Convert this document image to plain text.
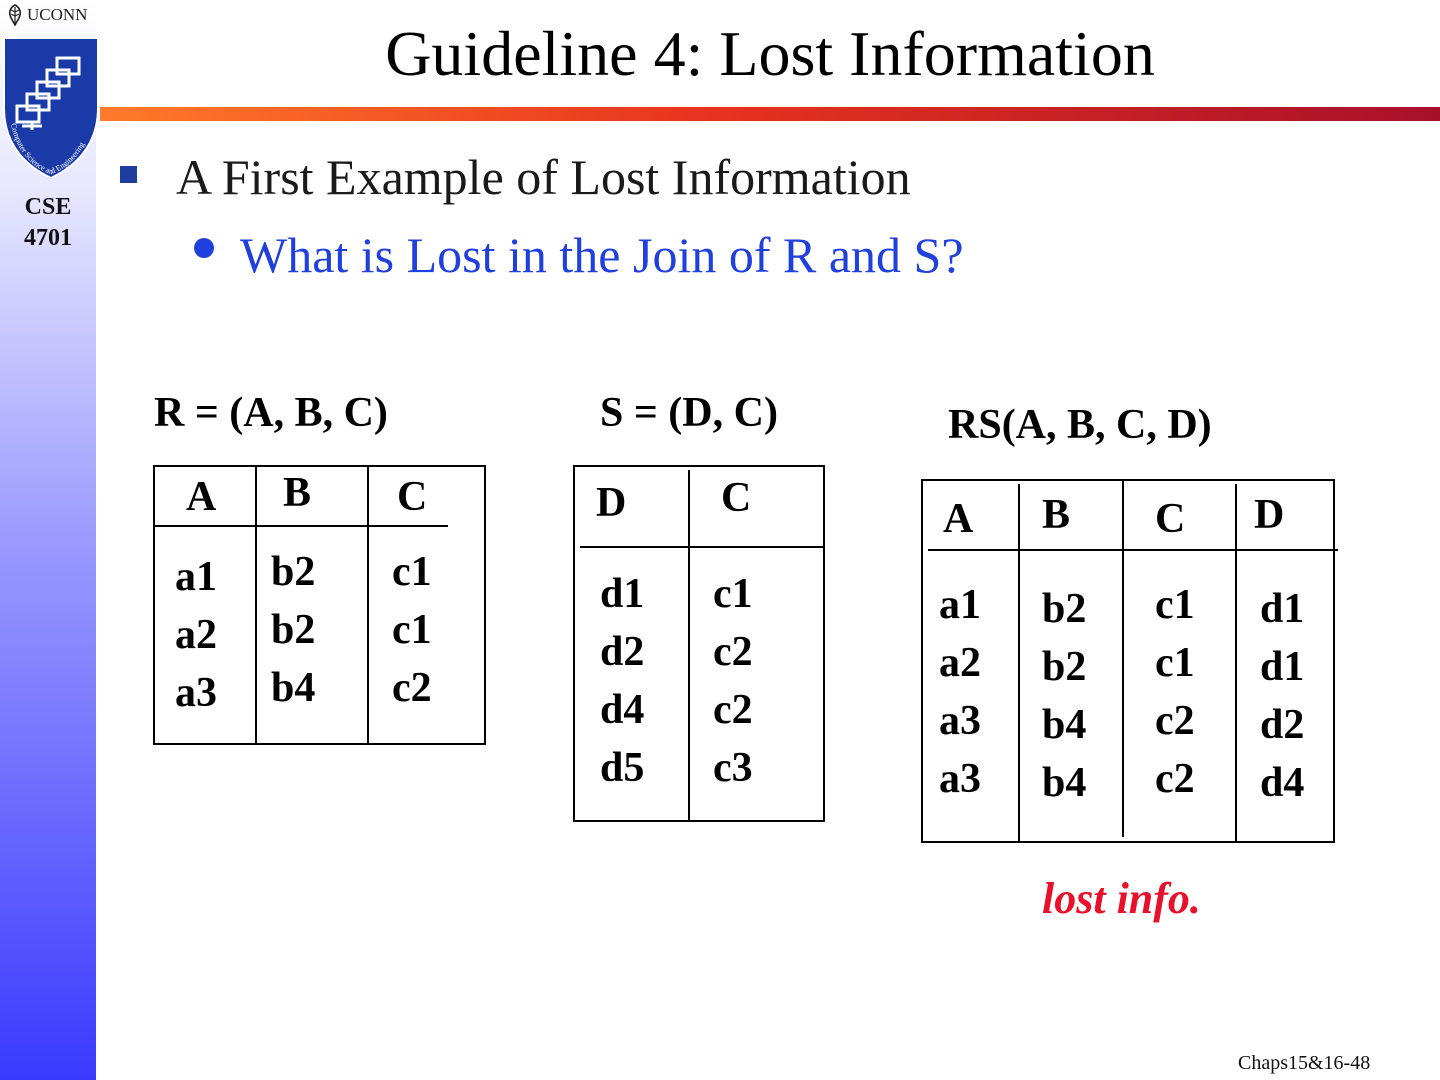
UCONN
Computer Science and Engineering
CSE
4701
Guideline 4: Lost Information
A First Example of Lost Information
What is Lost in the Join of R and S?
R = (A, B, C)
A B C
a1
a2
a3
b2
b2
b4
c1
c1
c2
S = (D, C)
D C
d1
d2
d4
d5
c1
c2
c2
c3
RS(A, B, C, D)
A B C D
a1
a2
a3
a3
b2
b2
b4
b4
c1
c1
c2
c2
d1
d1
d2
d4
lost info.
Chaps15&16-48
